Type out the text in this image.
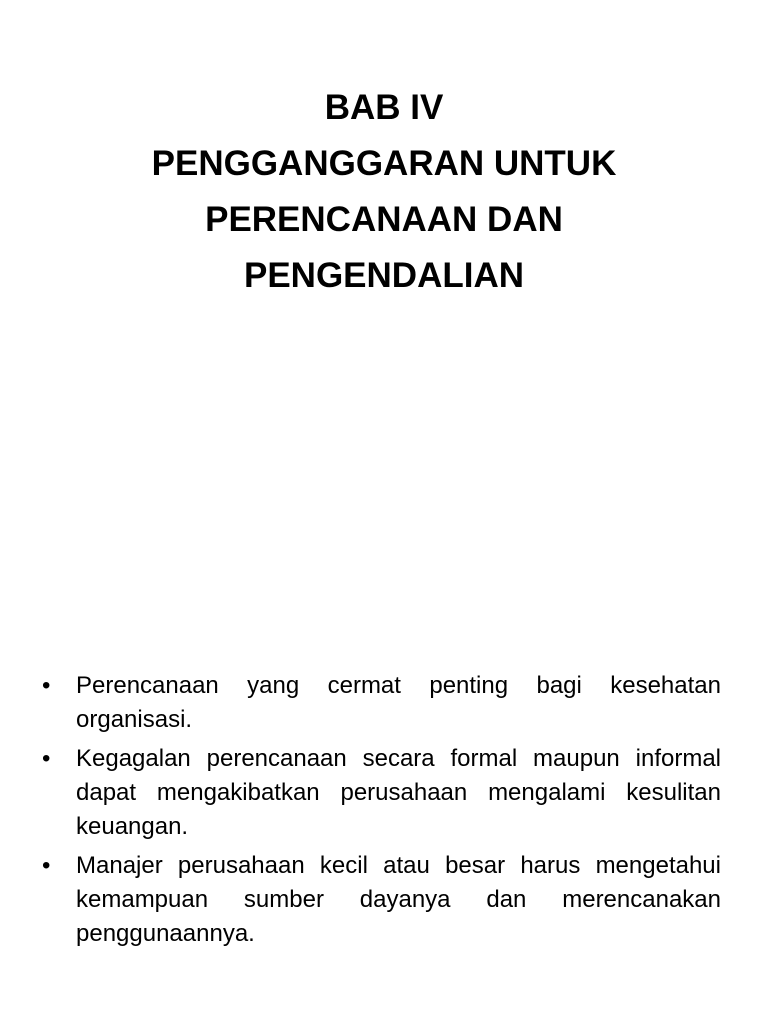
BAB IV
PENGGANGGARAN UNTUK
PERENCANAAN DAN
PENGENDALIAN
• Perencanaan yang cermat penting bagi kesehatan organisasi.
• Kegagalan perencanaan secara formal maupun informal dapat mengakibatkan perusahaan mengalami kesulitan keuangan.
• Manajer perusahaan kecil atau besar harus mengetahui kemampuan sumber dayanya dan merencanakan penggunaannya.
